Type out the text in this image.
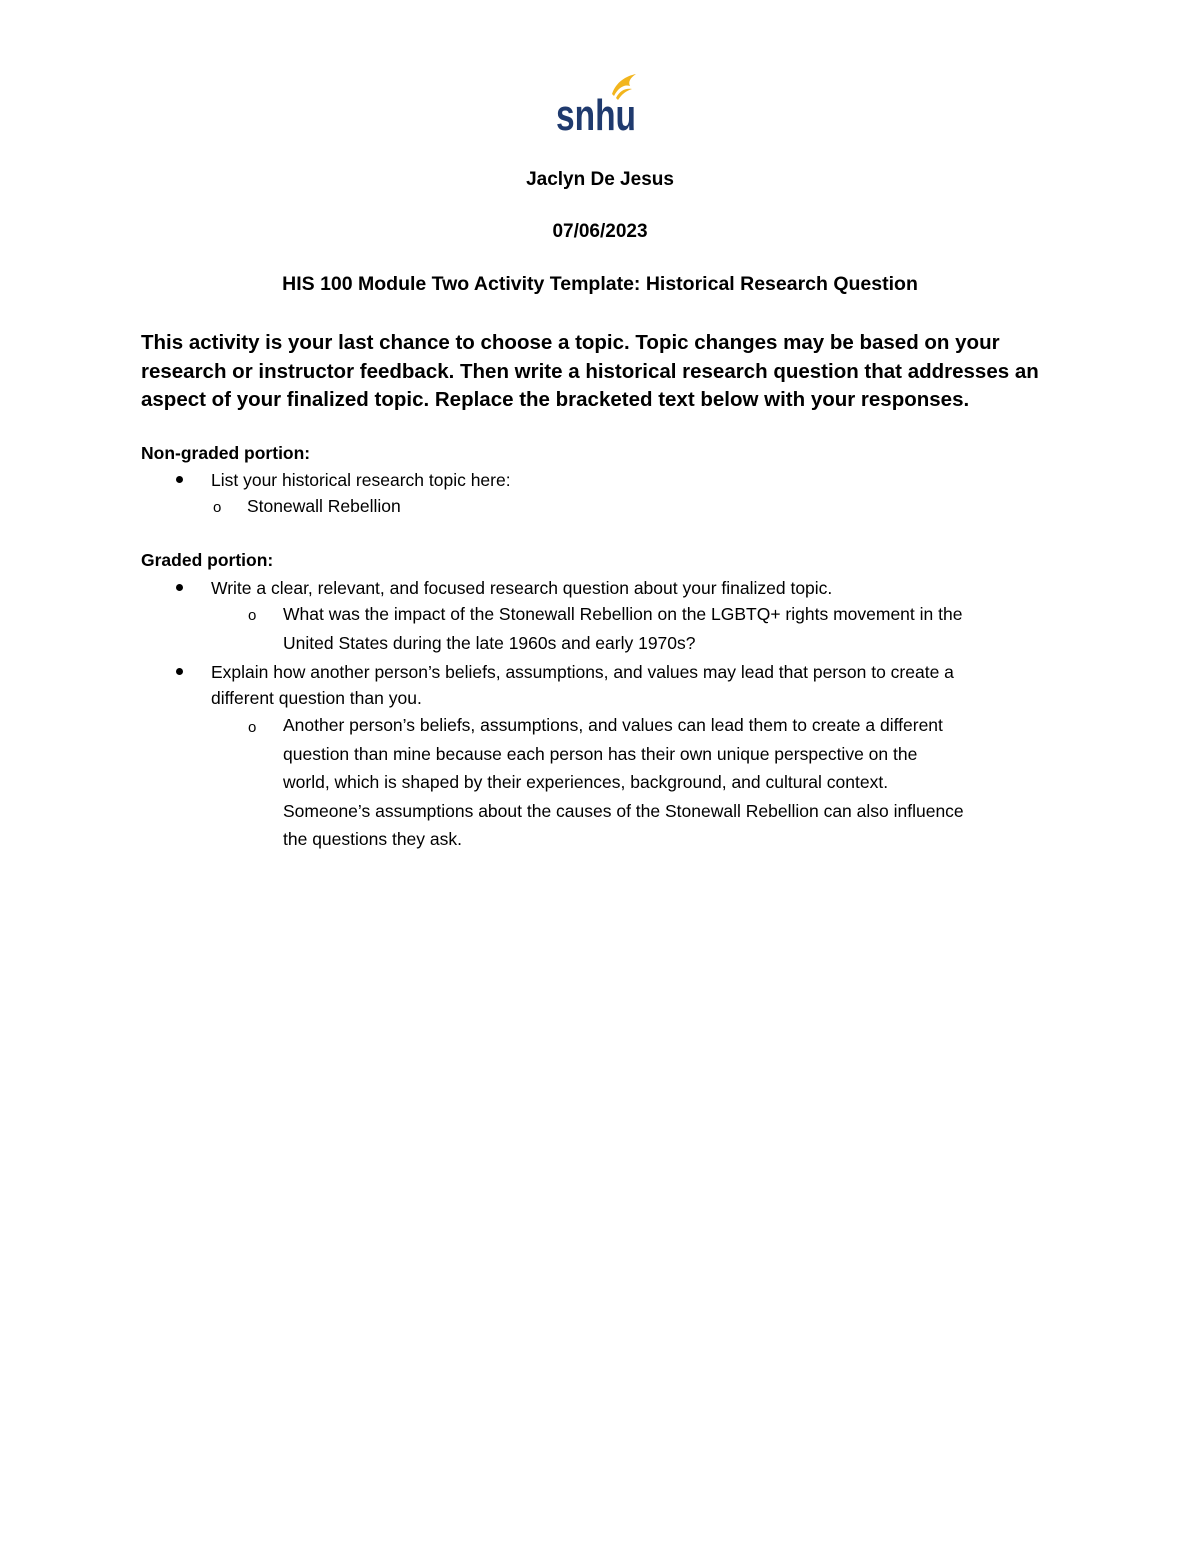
snhu
Jaclyn De Jesus
07/06/2023
HIS 100 Module Two Activity Template: Historical Research Question
This activity is your last chance to choose a topic. Topic changes may be based on your research or instructor feedback. Then write a historical research question that addresses an aspect of your finalized topic. Replace the bracketed text below with your responses.
Non-graded portion:
List your historical research topic here:
o Stonewall Rebellion
Graded portion:
Write a clear, relevant, and focused research question about your finalized topic.
o What was the impact of the Stonewall Rebellion on the LGBTQ+ rights movement in the
United States during the late 1960s and early 1970s?
Explain how another person’s beliefs, assumptions, and values may lead that person to create a
different question than you.
o Another person’s beliefs, assumptions, and values can lead them to create a different
question than mine because each person has their own unique perspective on the
world, which is shaped by their experiences, background, and cultural context.
Someone’s assumptions about the causes of the Stonewall Rebellion can also influence
the questions they ask.
